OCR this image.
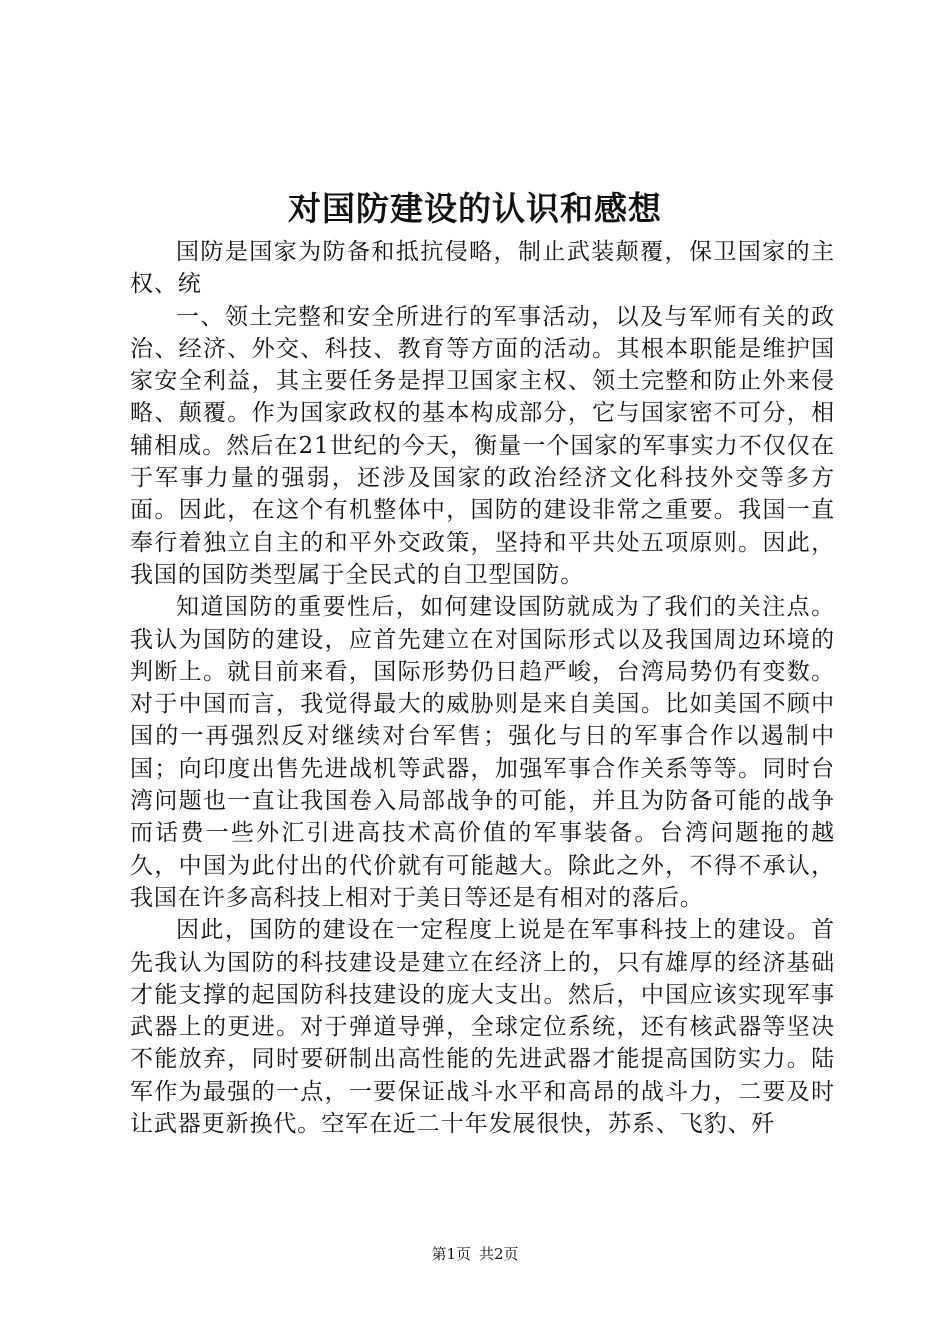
对国防建设的认识和感想

国防是国家为防备和抵抗侵略，制止武装颠覆，保卫国家的主权、统

一、领土完整和安全所进行的军事活动，以及与军师有关的政治、经济、外交、科技、教育等方面的活动。其根本职能是维护国家安全利益，其主要任务是捍卫国家主权、领土完整和防止外来侵略、颠覆。作为国家政权的基本构成部分，它与国家密不可分，相辅相成。然后在21世纪的今天，衡量一个国家的军事实力不仅仅在于军事力量的强弱，还涉及国家的政治经济文化科技外交等多方面。因此，在这个有机整体中，国防的建设非常之重要。我国一直奉行着独立自主的和平外交政策，坚持和平共处五项原则。因此，我国的国防类型属于全民式的自卫型国防。

知道国防的重要性后，如何建设国防就成为了我们的关注点。我认为国防的建设，应首先建立在对国际形式以及我国周边环境的判断上。就目前来看，国际形势仍日趋严峻，台湾局势仍有变数。对于中国而言，我觉得最大的威胁则是来自美国。比如美国不顾中国的一再强烈反对继续对台军售；强化与日的军事合作以遏制中国；向印度出售先进战机等武器，加强军事合作关系等等。同时台湾问题也一直让我国卷入局部战争的可能，并且为防备可能的战争而话费一些外汇引进高技术高价值的军事装备。台湾问题拖的越久，中国为此付出的代价就有可能越大。除此之外，不得不承认，我国在许多高科技上相对于美日等还是有相对的落后。

因此，国防的建设在一定程度上说是在军事科技上的建设。首先我认为国防的科技建设是建立在经济上的，只有雄厚的经济基础才能支撑的起国防科技建设的庞大支出。然后，中国应该实现军事武器上的更进。对于弹道导弹，全球定位系统，还有核武器等坚决不能放弃，同时要研制出高性能的先进武器才能提高国防实力。陆军作为最强的一点，一要保证战斗水平和高昂的战斗力，二要及时让武器更新换代。空军在近二十年发展很快，苏系、飞豹、歼

第1页 共2页
